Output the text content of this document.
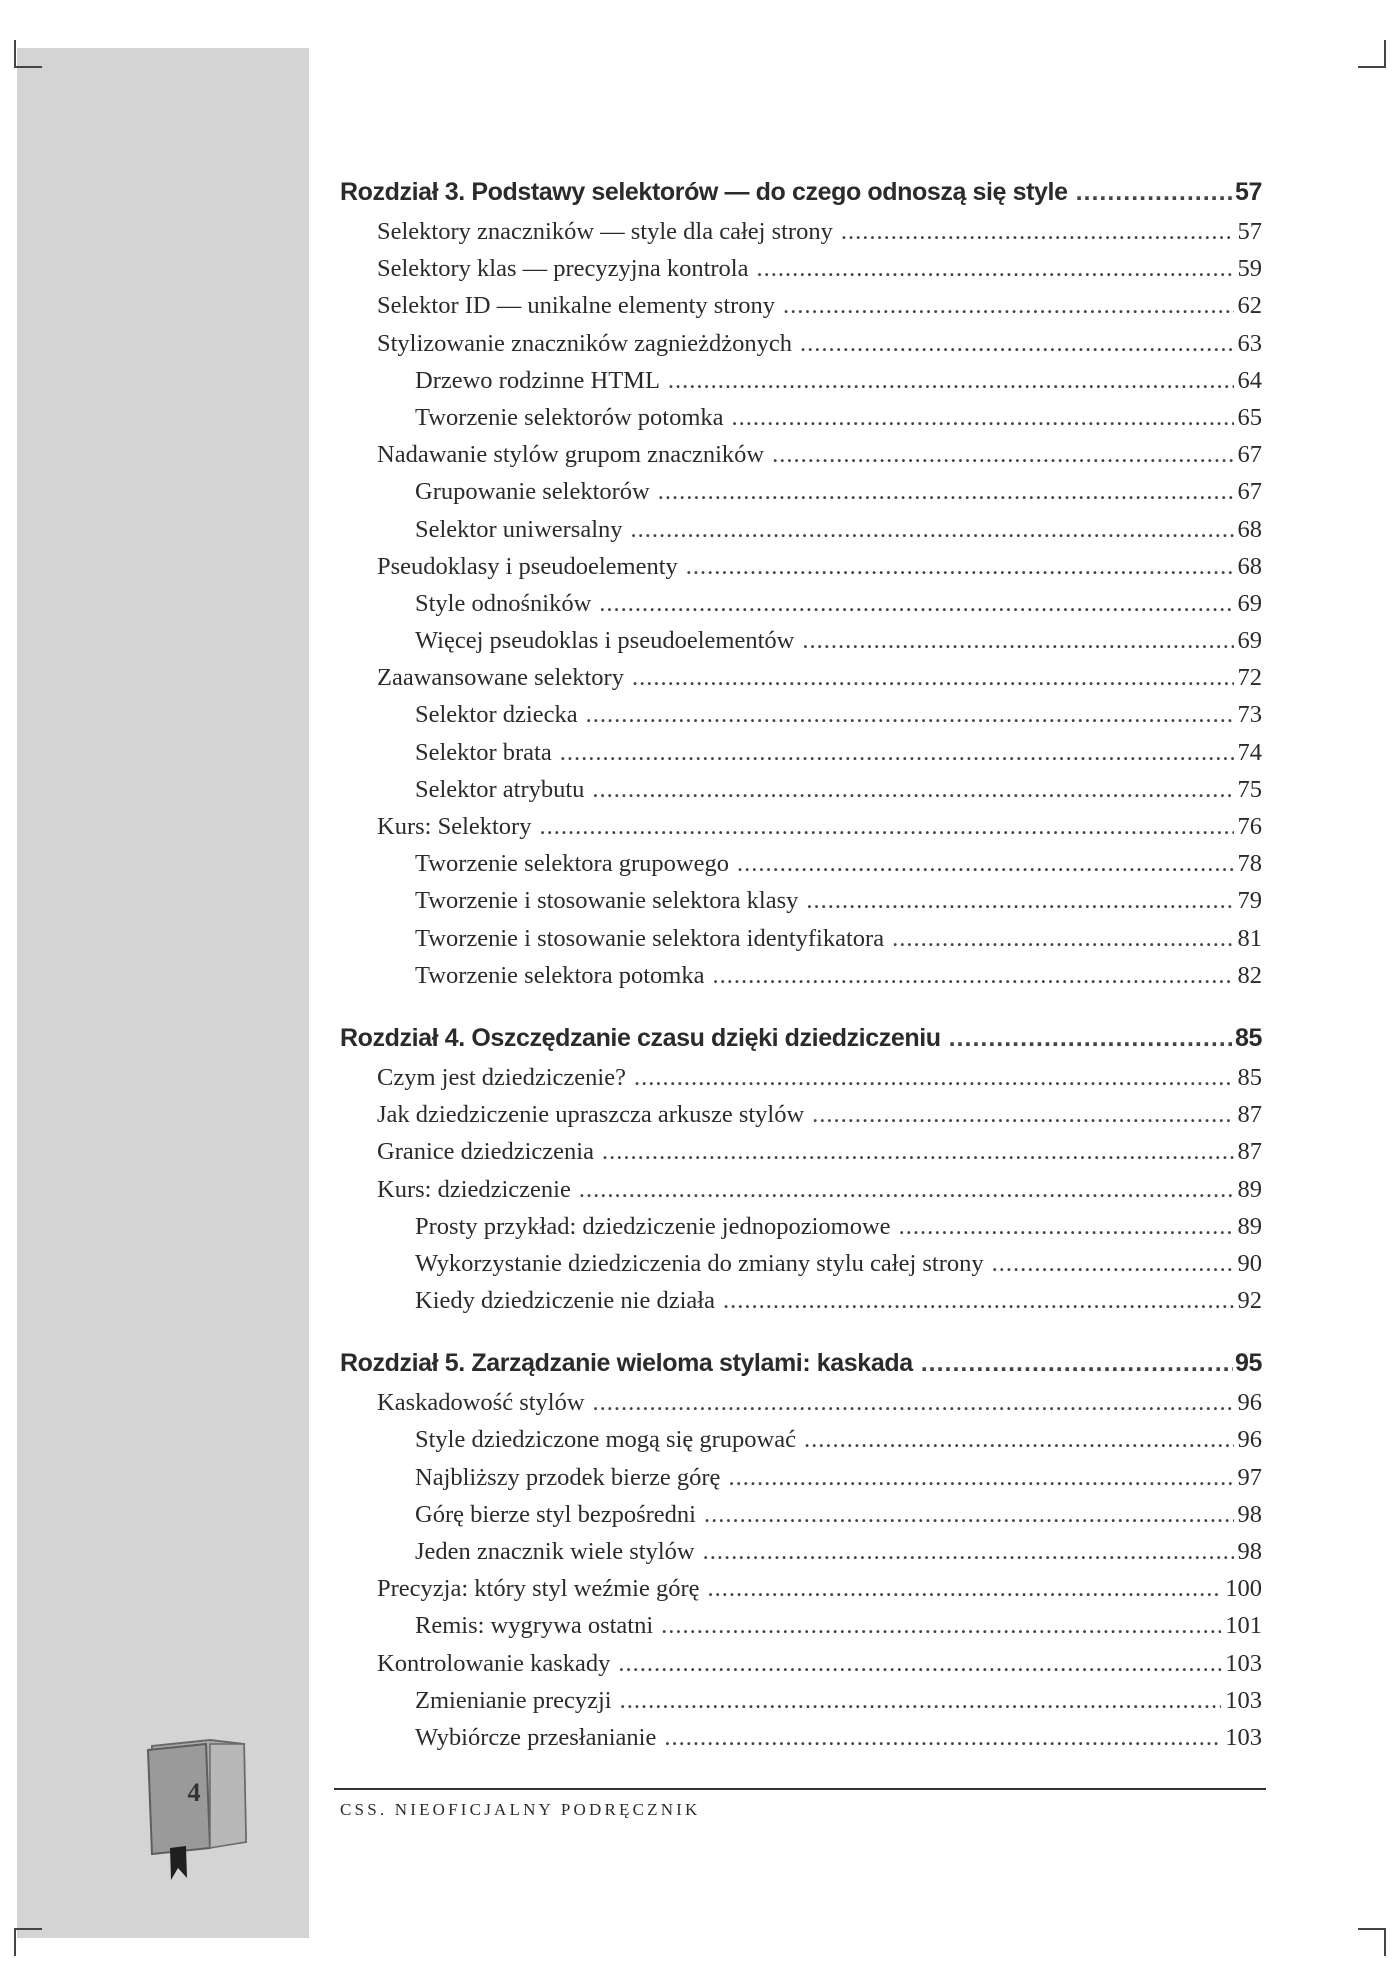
Rozdział 3. Podstawy selektorów — do czego odnoszą się style .....	57
Selektory znaczników — style dla całej strony .....	57
Selektory klas — precyzyjna kontrola .....	59
Selektor ID — unikalne elementy strony .....	62
Stylizowanie znaczników zagnieżdżonych .....	63
Drzewo rodzinne HTML .....	64
Tworzenie selektorów potomka .....	65
Nadawanie stylów grupom znaczników .....	67
Grupowanie selektorów .....	67
Selektor uniwersalny .....	68
Pseudoklasy i pseudoelementy .....	68
Style odnośników .....	69
Więcej pseudoklas i pseudoelementów .....	69
Zaawansowane selektory .....	72
Selektor dziecka .....	73
Selektor brata .....	74
Selektor atrybutu .....	75
Kurs: Selektory .....	76
Tworzenie selektora grupowego .....	78
Tworzenie i stosowanie selektora klasy .....	79
Tworzenie i stosowanie selektora identyfikatora .....	81
Tworzenie selektora potomka .....	82
Rozdział 4. Oszczędzanie czasu dzięki dziedziczeniu .....	85
Czym jest dziedziczenie? .....	85
Jak dziedziczenie upraszcza arkusze stylów .....	87
Granice dziedziczenia .....	87
Kurs: dziedziczenie .....	89
Prosty przykład: dziedziczenie jednopoziomowe .....	89
Wykorzystanie dziedziczenia do zmiany stylu całej strony .....	90
Kiedy dziedziczenie nie działa .....	92
Rozdział 5. Zarządzanie wieloma stylami: kaskada .....	95
Kaskadowość stylów .....	96
Style dziedziczone mogą się grupować .....	96
Najbliższy przodek bierze górę .....	97
Górę bierze styl bezpośredni .....	98
Jeden znacznik wiele stylów .....	98
Precyzja: który styl weźmie górę .....	100
Remis: wygrywa ostatni .....	101
Kontrolowanie kaskady .....	103
Zmienianie precyzji .....	103
Wybiórcze przesłanianie .....	103
CSS. NIEOFICJALNY PODRĘCZNIK
4
